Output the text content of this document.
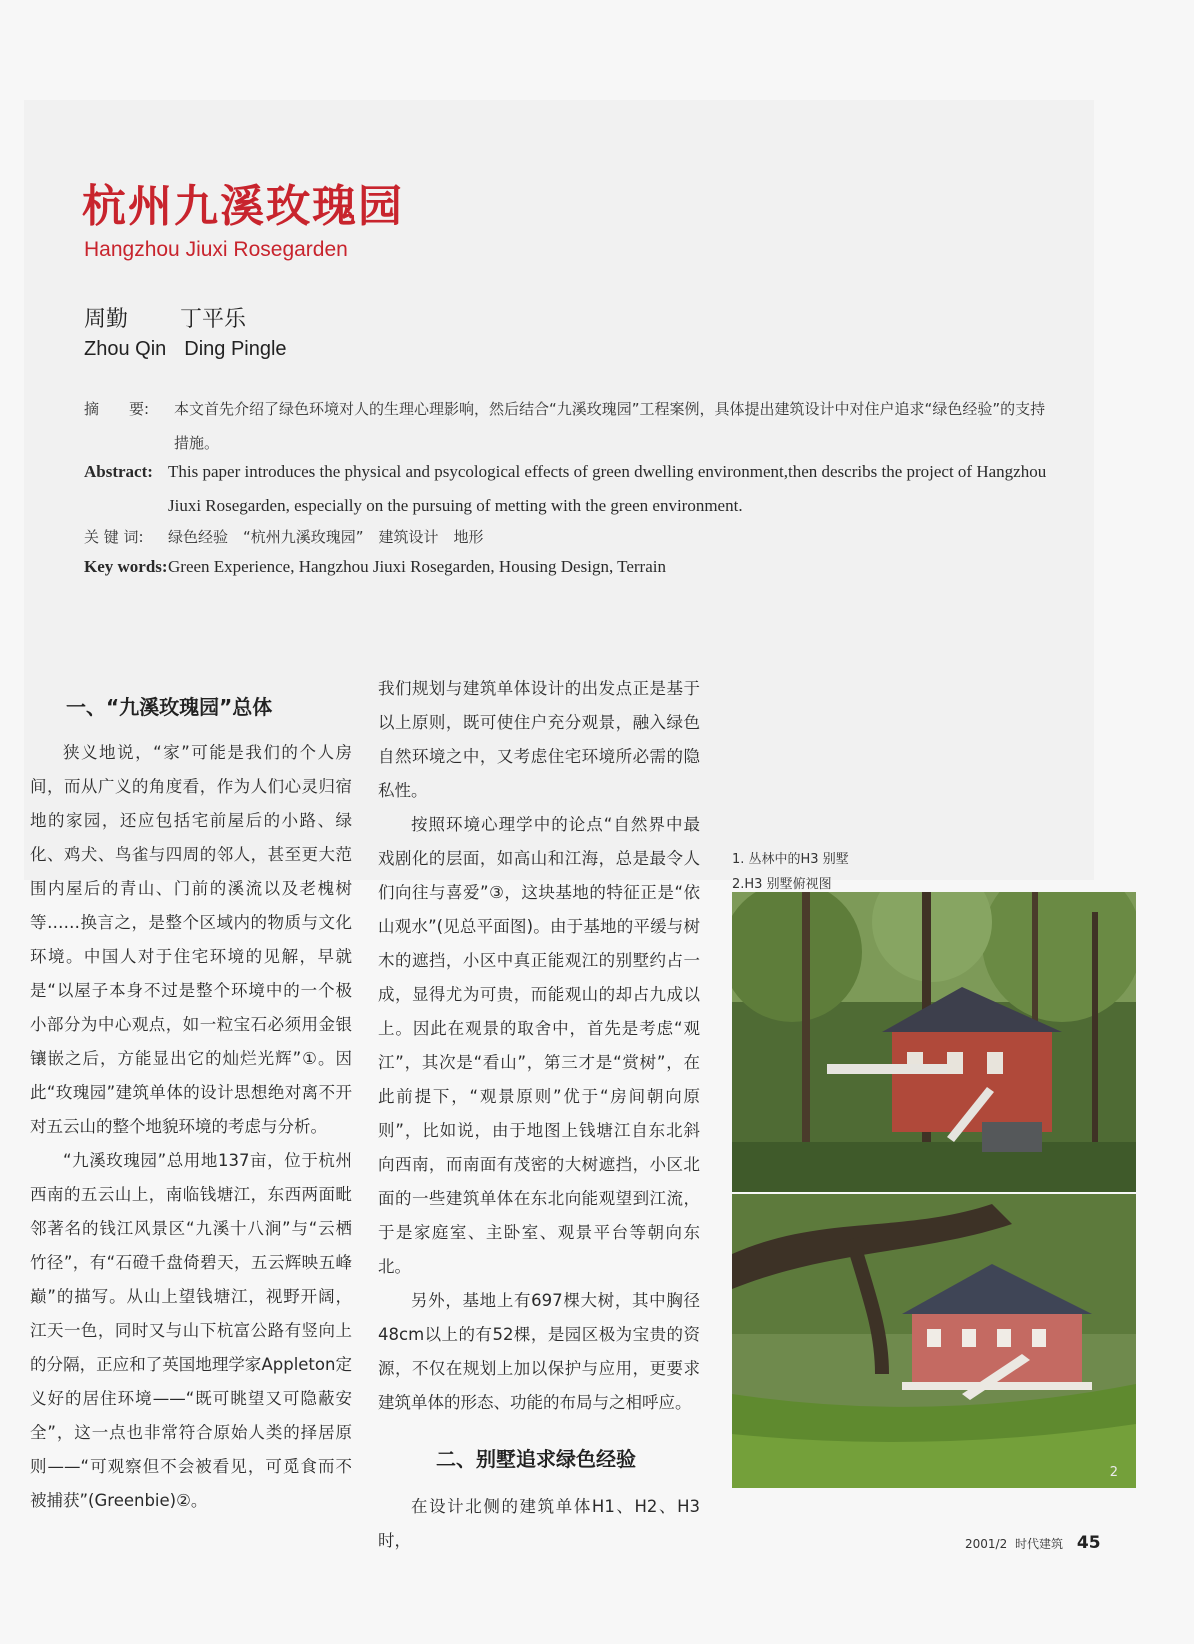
杭州九溪玫瑰园
Hangzhou Jiuxi Rosegarden
周勤 丁平乐
Zhou Qin Ding Pingle
摘　　要: 本文首先介绍了绿色环境对人的生理心理影响，然后结合“九溪玫瑰园”工程案例，具体提出建筑设计中对住户追求“绿色经验”的支持措施。
Abstract: This paper introduces the physical and psycological effects of green dwelling environment,then describs the project of Hangzhou Jiuxi Rosegarden, especially on the pursuing of metting with the green environment.
关 键 词: 绿色经验　“杭州九溪玫瑰园”　建筑设计　地形
Key words: Green Experience, Hangzhou Jiuxi Rosegarden, Housing Design, Terrain
一、“九溪玫瑰园”总体

狭义地说，“家”可能是我们的个人房间，而从广义的角度看，作为人们心灵归宿地的家园，还应包括宅前屋后的小路、绿化、鸡犬、鸟雀与四周的邻人，甚至更大范围内屋后的青山、门前的溪流以及老槐树等……换言之，是整个区域内的物质与文化环境。中国人对于住宅环境的见解，早就是“以屋子本身不过是整个环境中的一个极小部分为中心观点，如一粒宝石必须用金银镶嵌之后，方能显出它的灿烂光辉”①。因此“玫瑰园”建筑单体的设计思想绝对离不开对五云山的整个地貌环境的考虑与分析。

“九溪玫瑰园”总用地137亩，位于杭州西南的五云山上，南临钱塘江，东西两面毗邻著名的钱江风景区“九溪十八涧”与“云栖竹径”，有“石磴千盘倚碧天，五云辉映五峰巅”的描写。从山上望钱塘江，视野开阔，江天一色，同时又与山下杭富公路有竖向上的分隔，正应和了英国地理学家Appleton定义好的居住环境——“既可眺望又可隐蔽安全”，这一点也非常符合原始人类的择居原则——“可观察但不会被看见，可觅食而不被捕获”(Greenbie)②。

我们规划与建筑单体设计的出发点正是基于以上原则，既可使住户充分观景，融入绿色自然环境之中，又考虑住宅环境所必需的隐私性。

按照环境心理学中的论点“自然界中最戏剧化的层面，如高山和江海，总是最令人们向往与喜爱”③，这块基地的特征正是“依山观水”(见总平面图)。由于基地的平缓与树木的遮挡，小区中真正能观江的别墅约占一成，显得尤为可贵，而能观山的却占九成以上。因此在观景的取舍中，首先是考虑“观江”，其次是“看山”，第三才是“赏树”，在此前提下，“观景原则”优于“房间朝向原则”，比如说，由于地图上钱塘江自东北斜向西南，而南面有茂密的大树遮挡，小区北面的一些建筑单体在东北向能观望到江流，于是家庭室、主卧室、观景平台等朝向东北。

另外，基地上有697棵大树，其中胸径48cm以上的有52棵，是园区极为宝贵的资源，不仅在规划上加以保护与应用，更要求建筑单体的形态、功能的布局与之相呼应。

二、别墅追求绿色经验

在设计北侧的建筑单体H1、H2、H3时，

1. 丛林中的H3 别墅
2.H3 别墅俯视图
2
2001/2 时代建筑 45
